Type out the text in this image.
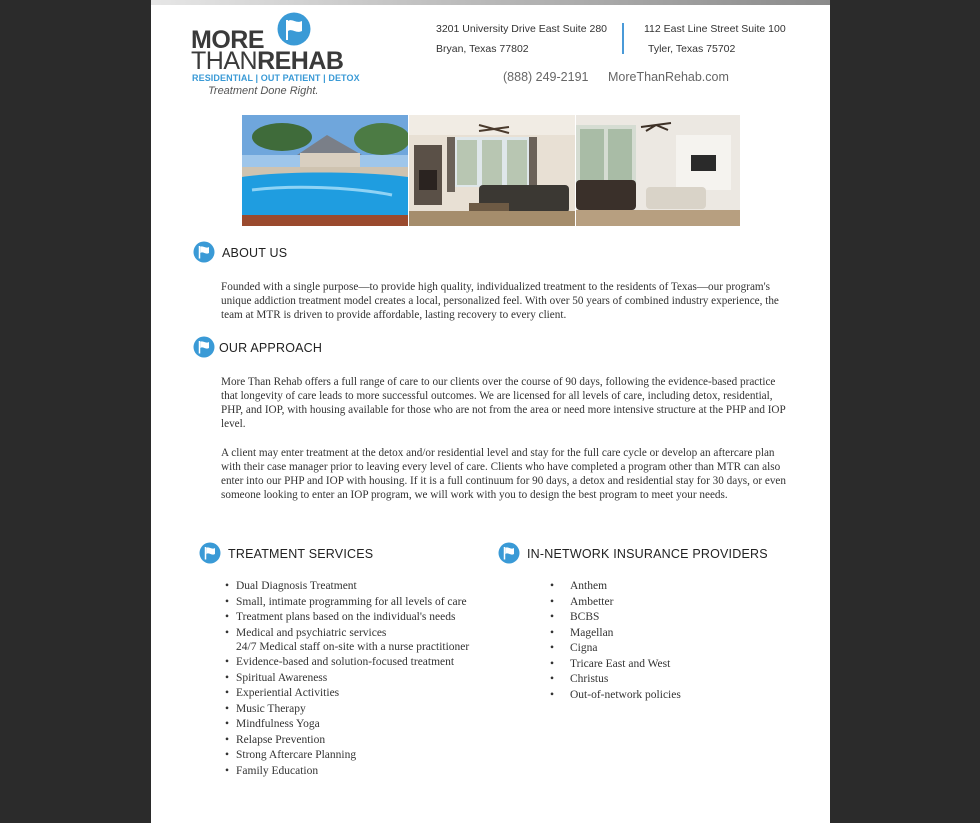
MORE
THANREHAB
RESIDENTIAL | OUT PATIENT | DETOX
Treatment Done Right.
3201 University Drive East Suite 280
Bryan, Texas 77802
112 East Line Street Suite 100
Tyler, Texas 75702
(888) 249-2191 MoreThanRehab.com
ABOUT US

Founded with a single purpose—to provide high quality, individualized treatment to the residents of Texas—our program's unique addiction treatment model creates a local, personalized feel. With over 50 years of combined industry experience, the team at MTR is driven to provide affordable, lasting recovery to every client.

OUR APPROACH

More Than Rehab offers a full range of care to our clients over the course of 90 days, following the evidence-based practice that longevity of care leads to more successful outcomes. We are licensed for all levels of care, including detox, residential, PHP, and IOP, with housing available for those who are not from the area or need more intensive structure at the PHP and IOP level.

A client may enter treatment at the detox and/or residential level and stay for the full care cycle or develop an aftercare plan with their case manager prior to leaving every level of care. Clients who have completed a program other than MTR can also enter into our PHP and IOP with housing. If it is a full continuum for 90 days, a detox and residential stay for 30 days, or even someone looking to enter an IOP program, we will work with you to design the best program to meet your needs.

TREATMENT SERVICES
• Dual Diagnosis Treatment
• Small, intimate programming for all levels of care
• Treatment plans based on the individual's needs
• Medical and psychiatric services
24/7 Medical staff on-site with a nurse practitioner
• Evidence-based and solution-focused treatment
• Spiritual Awareness
• Experiential Activities
• Music Therapy
• Mindfulness Yoga
• Relapse Prevention
• Strong Aftercare Planning
• Family Education
IN-NETWORK INSURANCE PROVIDERS
• Anthem
• Ambetter
• BCBS
• Magellan
• Cigna
• Tricare East and West
• Christus
• Out-of-network policies
